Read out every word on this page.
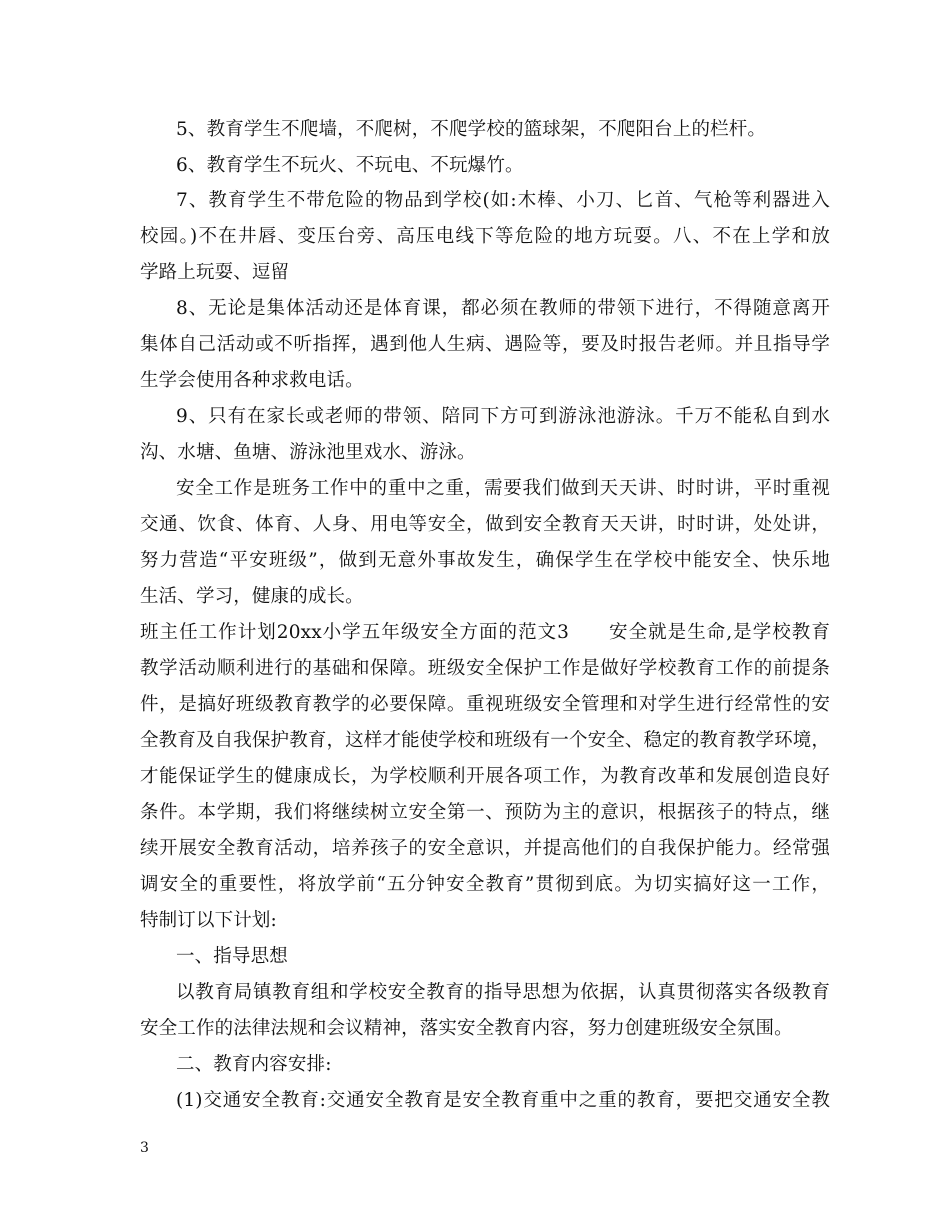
5、教育学生不爬墙，不爬树，不爬学校的篮球架，不爬阳台上的栏杆。
6、教育学生不玩火、不玩电、不玩爆竹。
7、教育学生不带危险的物品到学校(如:木棒、小刀、匕首、气枪等利器进入
校园。)不在井唇、变压台旁、高压电线下等危险的地方玩耍。八、不在上学和放
学路上玩耍、逗留
8、无论是集体活动还是体育课，都必须在教师的带领下进行，不得随意离开
集体自己活动或不听指挥，遇到他人生病、遇险等，要及时报告老师。并且指导学
生学会使用各种求救电话。
9、只有在家长或老师的带领、陪同下方可到游泳池游泳。千万不能私自到水
沟、水塘、鱼塘、游泳池里戏水、游泳。
安全工作是班务工作中的重中之重，需要我们做到天天讲、时时讲，平时重视
交通、饮食、体育、人身、用电等安全，做到安全教育天天讲，时时讲，处处讲，
努力营造“平安班级”，做到无意外事故发生，确保学生在学校中能安全、快乐地
生活、学习，健康的成长。
班主任工作计划20xx小学五年级安全方面的范文3　　安全就是生命,是学校教育
教学活动顺利进行的基础和保障。班级安全保护工作是做好学校教育工作的前提条
件，是搞好班级教育教学的必要保障。重视班级安全管理和对学生进行经常性的安
全教育及自我保护教育，这样才能使学校和班级有一个安全、稳定的教育教学环境，
才能保证学生的健康成长，为学校顺利开展各项工作，为教育改革和发展创造良好
条件。本学期，我们将继续树立安全第一、预防为主的意识，根据孩子的特点，继
续开展安全教育活动，培养孩子的安全意识，并提高他们的自我保护能力。经常强
调安全的重要性，将放学前“五分钟安全教育”贯彻到底。为切实搞好这一工作，
特制订以下计划:
一、指导思想
以教育局镇教育组和学校安全教育的指导思想为依据，认真贯彻落实各级教育
安全工作的法律法规和会议精神，落实安全教育内容，努力创建班级安全氛围。
二、教育内容安排:
(1)交通安全教育:交通安全教育是安全教育重中之重的教育，要把交通安全教
3
